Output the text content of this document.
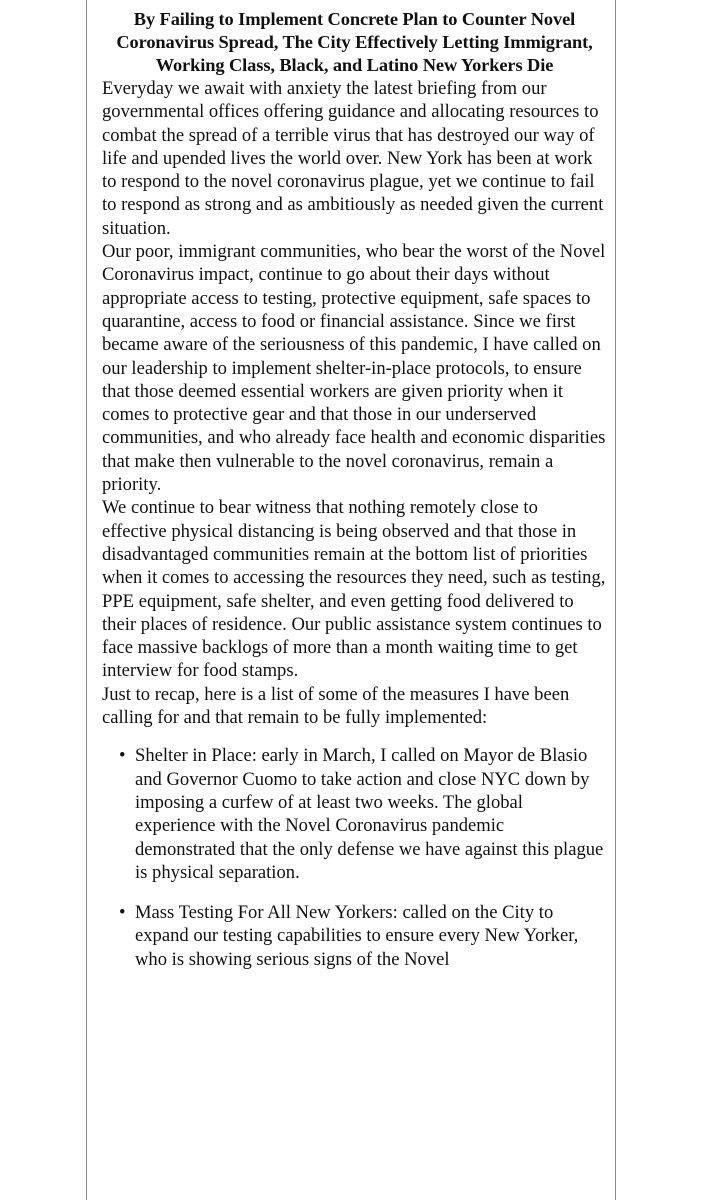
By Failing to Implement Concrete Plan to Counter Novel Coronavirus Spread, The City Effectively Letting Immigrant, Working Class, Black, and Latino New Yorkers Die

Everyday we await with anxiety the latest briefing from our governmental offices offering guidance and allocating resources to combat the spread of a terrible virus that has destroyed our way of life and upended lives the world over. New York has been at work to respond to the novel coronavirus plague, yet we continue to fail to respond as strong and as ambitiously as needed given the current situation.

Our poor, immigrant communities, who bear the worst of the Novel Coronavirus impact, continue to go about their days without appropriate access to testing, protective equipment, safe spaces to quarantine, access to food or financial assistance. Since we first became aware of the seriousness of this pandemic, I have called on our leadership to implement shelter-in-place protocols, to ensure that those deemed essential workers are given priority when it comes to protective gear and that those in our underserved communities, and who already face health and economic disparities that make then vulnerable to the novel coronavirus, remain a priority.

We continue to bear witness that nothing remotely close to effective physical distancing is being observed and that those in disadvantaged communities remain at the bottom list of priorities when it comes to accessing the resources they need, such as testing, PPE equipment, safe shelter, and even getting food delivered to their places of residence. Our public assistance system continues to face massive backlogs of more than a month waiting time to get interview for food stamps.

Just to recap, here is a list of some of the measures I have been calling for and that remain to be fully implemented:

• Shelter in Place: early in March, I called on Mayor de Blasio and Governor Cuomo to take action and close NYC down by imposing a curfew of at least two weeks. The global experience with the Novel Coronavirus pandemic demonstrated that the only defense we have against this plague is physical separation.
• Mass Testing For All New Yorkers: called on the City to expand our testing capabilities to ensure every New Yorker, who is showing serious signs of the Novel
